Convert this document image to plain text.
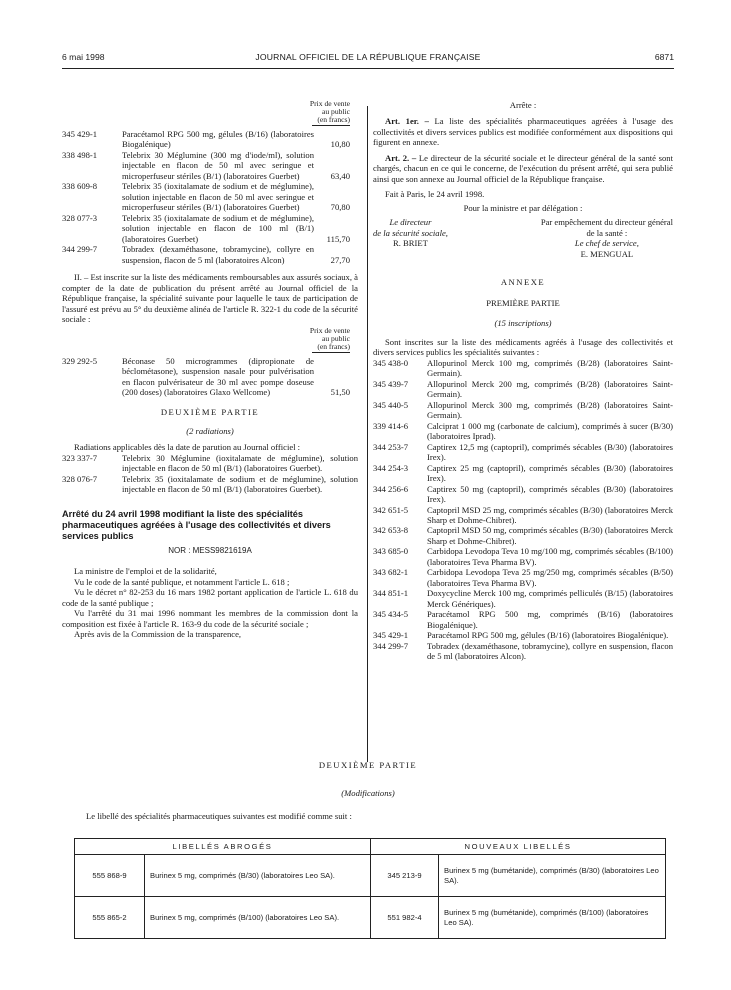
6 mai 1998	JOURNAL OFFICIEL DE LA RÉPUBLIQUE FRANÇAISE	6871
Prix de vente
au public
(en francs)
345 429-1	Paracétamol RPG 500 mg, gélules (B/16) (laboratoires Biogalénique)	10,80
338 498-1	Telebrix 30 Méglumine (300 mg d'iode/ml), solution injectable en flacon de 50 ml avec seringue et microperfuseur stériles (B/1) (laboratoires Guerbet)	63,40
338 609-8	Telebrix 35 (ioxitalamate de sodium et de méglumine), solution injectable en flacon de 50 ml avec seringue et microperfuseur stériles (B/1) (laboratoires Guerbet)	70,80
328 077-3	Telebrix 35 (ioxitalamate de sodium et de méglumine), solution injectable en flacon de 100 ml (B/1) (laboratoires Guerbet)	115,70
344 299-7	Tobradex (dexaméthasone, tobramycine), collyre en suspension, flacon de 5 ml (laboratoires Alcon)	27,70

II. – Est inscrite sur la liste des médicaments remboursables aux assurés sociaux, à compter de la date de publication du présent arrêté au Journal officiel de la République française, la spécialité suivante pour laquelle le taux de participation de l'assuré est prévu au 5° du deuxième alinéa de l'article R. 322-1 du code de la sécurité sociale :

Prix de vente
au public
(en francs)
329 292-5	Béconase 50 microgrammes (dipropionate de béclométasone), suspension nasale pour pulvérisation en flacon pulvérisateur de 30 ml avec pompe doseuse (200 doses) (laboratoires Glaxo Wellcome)	51,50
DEUXIÈME PARTIE
(2 radiations)

Radiations applicables dès la date de parution au Journal officiel :

323 337-7	Telebrix 30 Méglumine (ioxitalamate de méglumine), solution injectable en flacon de 50 ml (B/1) (laboratoires Guerbet).
328 076-7	Telebrix 35 (ioxitalamate de sodium et de méglumine), solution injectable en flacon de 50 ml (B/1) (laboratoires Guerbet).
Arrêté du 24 avril 1998 modifiant la liste des spécialités pharmaceutiques agréées à l'usage des collectivités et divers services publics
NOR : MESS9821619A

La ministre de l'emploi et de la solidarité,

Vu le code de la santé publique, et notamment l'article L. 618 ;

Vu le décret n° 82-253 du 16 mars 1982 portant application de l'article L. 618 du code de la santé publique ;

Vu l'arrêté du 31 mai 1996 nommant les membres de la commission dont la composition est fixée à l'article R. 163-9 du code de la sécurité sociale ;

Après avis de la Commission de la transparence,

Arrête :

Art. 1er. – La liste des spécialités pharmaceutiques agréées à l'usage des collectivités et divers services publics est modifiée conformément aux dispositions qui figurent en annexe.

Art. 2. – Le directeur de la sécurité sociale et le directeur général de la santé sont chargés, chacun en ce qui le concerne, de l'exécution du présent arrêté, qui sera publié ainsi que son annexe au Journal officiel de la République française.

Fait à Paris, le 24 avril 1998.

Pour la ministre et par délégation :
Le directeur
de la sécurité sociale,
R. BRIET
Par empêchement du directeur général
de la santé :
Le chef de service,
E. MENGUAL
ANNEXE
PREMIÈRE PARTIE
(15 inscriptions)

Sont inscrites sur la liste des médicaments agréés à l'usage des collectivités et divers services publics les spécialités suivantes :

345 438-0	Allopurinol Merck 100 mg, comprimés (B/28) (laboratoires Saint-Germain).
345 439-7	Allopurinol Merck 200 mg, comprimés (B/28) (laboratoires Saint-Germain).
345 440-5	Allopurinol Merck 300 mg, comprimés (B/28) (laboratoires Saint-Germain).
339 414-6	Calciprat 1 000 mg (carbonate de calcium), comprimés à sucer (B/30) (laboratoires Iprad).
344 253-7	Captirex 12,5 mg (captopril), comprimés sécables (B/30) (laboratoires Irex).
344 254-3	Captirex 25 mg (captopril), comprimés sécables (B/30) (laboratoires Irex).
344 256-6	Captirex 50 mg (captopril), comprimés sécables (B/30) (laboratoires Irex).
342 651-5	Captopril MSD 25 mg, comprimés sécables (B/30) (laboratoires Merck Sharp et Dohme-Chibret).
342 653-8	Captopril MSD 50 mg, comprimés sécables (B/30) (laboratoires Merck Sharp et Dohme-Chibret).
343 685-0	Carbidopa Levodopa Teva 10 mg/100 mg, comprimés sécables (B/100) (laboratoires Teva Pharma BV).
343 682-1	Carbidopa Levodopa Teva 25 mg/250 mg, comprimés sécables (B/50) (laboratoires Teva Pharma BV).
344 851-1	Doxycycline Merck 100 mg, comprimés pelliculés (B/15) (laboratoires Merck Génériques).
345 434-5	Paracétamol RPG 500 mg, comprimés (B/16) (laboratoires Biogalénique).
345 429-1	Paracétamol RPG 500 mg, gélules (B/16) (laboratoires Biogalénique).
344 299-7	Tobradex (dexaméthasone, tobramycine), collyre en suspension, flacon de 5 ml (laboratoires Alcon).
DEUXIÈME PARTIE
(Modifications)

Le libellé des spécialités pharmaceutiques suivantes est modifié comme suit :

LIBELLÉS ABROGÉS		NOUVEAUX LIBELLÉS	
555 868-9	Burinex 5 mg, comprimés (B/30) (laboratoires Leo SA).	345 213-9	Burinex 5 mg (bumétanide), comprimés (B/30) (laboratoires Leo SA).
555 865-2	Burinex 5 mg, comprimés (B/100) (laboratoires Leo SA).	551 982-4	Burinex 5 mg (bumétanide), comprimés (B/100) (laboratoires Leo SA).
